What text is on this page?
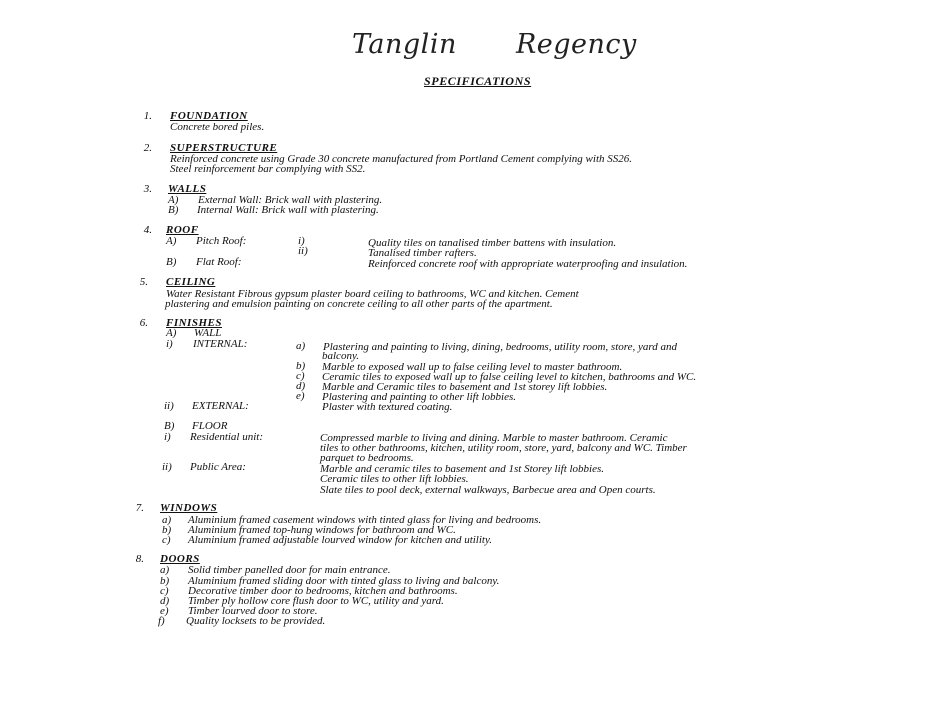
Tanglin Regency
SPECIFICATIONS
1. FOUNDATION
Concrete bored piles.
2. SUPERSTRUCTURE
Reinforced concrete using Grade 30 concrete manufactured from Portland Cement complying with SS26.
Steel reinforcement bar complying with SS2.
3. WALLS
A) External Wall: Brick wall with plastering.
B) Internal Wall: Brick wall with plastering.
4. ROOF
A) Pitch Roof:	i)	Quality tiles on tanalised timber battens with insulation.
ii)	Tanalised timber rafters.
B) Flat Roof:	Reinforced concrete roof with appropriate waterproofing and insulation.
5. CEILING
Water Resistant Fibrous gypsum plaster board ceiling to bathrooms, WC and kitchen. Cement
plastering and emulsion painting on concrete ceiling to all other parts of the apartment.
6. FINISHES
A) WALL
i) INTERNAL:	a) Plastering and painting to living, dining, bedrooms, utility room, store, yard and
balcony.
b) Marble to exposed wall up to false ceiling level to master bathroom.
c) Ceramic tiles to exposed wall up to false ceiling level to kitchen, bathrooms and WC.
d) Marble and Ceramic tiles to basement and 1st storey lift lobbies.
e) Plastering and painting to other lift lobbies.
ii) EXTERNAL:	Plaster with textured coating.
B) FLOOR
i) Residential unit:	Compressed marble to living and dining. Marble to master bathroom. Ceramic
tiles to other bathrooms, kitchen, utility room, store, yard, balcony and WC. Timber
parquet to bedrooms.
ii) Public Area:	Marble and ceramic tiles to basement and 1st Storey lift lobbies.
Ceramic tiles to other lift lobbies.
Slate tiles to pool deck, external walkways, Barbecue area and Open courts.
7. WINDOWS
a) Aluminium framed casement windows with tinted glass for living and bedrooms.
b) Aluminium framed top-hung windows for bathroom and WC.
c) Aluminium framed adjustable lourved window for kitchen and utility.
8. DOORS
a) Solid timber panelled door for main entrance.
b) Aluminium framed sliding door with tinted glass to living and balcony.
c) Decorative timber door to bedrooms, kitchen and bathrooms.
d) Timber ply hollow core flush door to WC, utility and yard.
e) Timber lourved door to store.
f) Quality locksets to be provided.
